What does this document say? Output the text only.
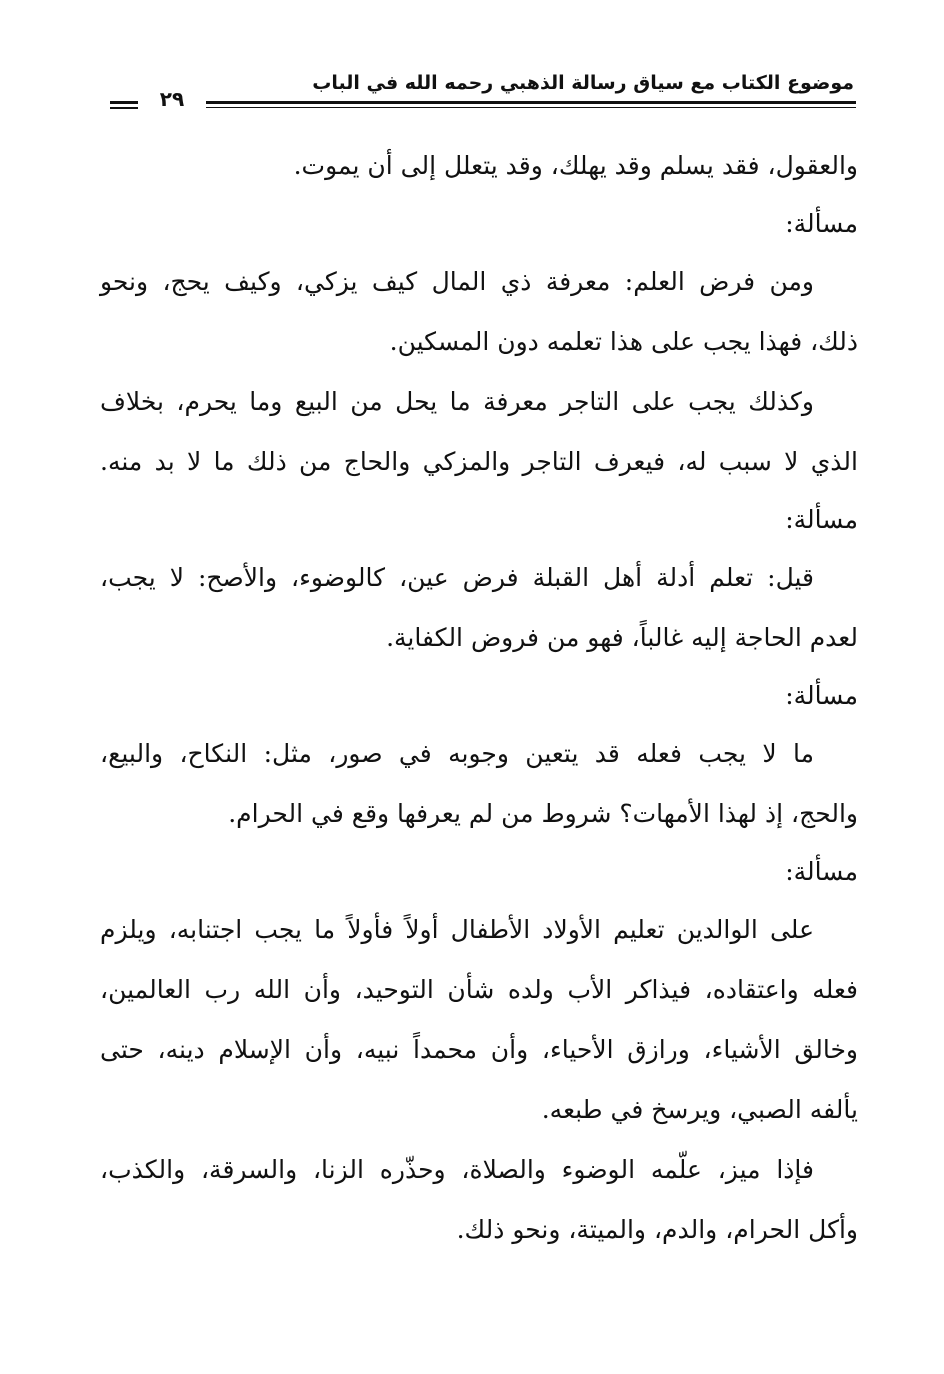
موضوع الكتاب مع سياق رسالة الذهبي رحمه الله في الباب
٢٩
والعقول، فقد يسلم وقد يهلك، وقد يتعلل إلى أن يموت.
مسألة:
ومن فرض العلم: معرفة ذي المال كيف يزكي، وكيف يحج، ونحو
ذلك، فهذا يجب على هذا تعلمه دون المسكين.
وكذلك يجب على التاجر معرفة ما يحل من البيع وما يحرم، بخلاف
الذي لا سبب له، فيعرف التاجر والمزكي والحاج من ذلك ما لا بد منه.
مسألة:
قيل: تعلم أدلة أهل القبلة فرض عين، كالوضوء، والأصح: لا يجب،
لعدم الحاجة إليه غالباً، فهو من فروض الكفاية.
مسألة:
ما لا يجب فعله قد يتعين وجوبه في صور، مثل: النكاح، والبيع،
والحج، إذ لهذا الأمهات؟ شروط من لم يعرفها وقع في الحرام.
مسألة:
على الوالدين تعليم الأولاد الأطفال أولاً فأولاً ما يجب اجتنابه، ويلزم
فعله واعتقاده، فيذاكر الأب ولده شأن التوحيد، وأن الله رب العالمين،
وخالق الأشياء، ورازق الأحياء، وأن محمداً نبيه، وأن الإسلام دينه، حتى
يألفه الصبي، ويرسخ في طبعه.
فإذا ميز، علّمه الوضوء والصلاة، وحذّره الزنا، والسرقة، والكذب،
وأكل الحرام، والدم، والميتة، ونحو ذلك.
